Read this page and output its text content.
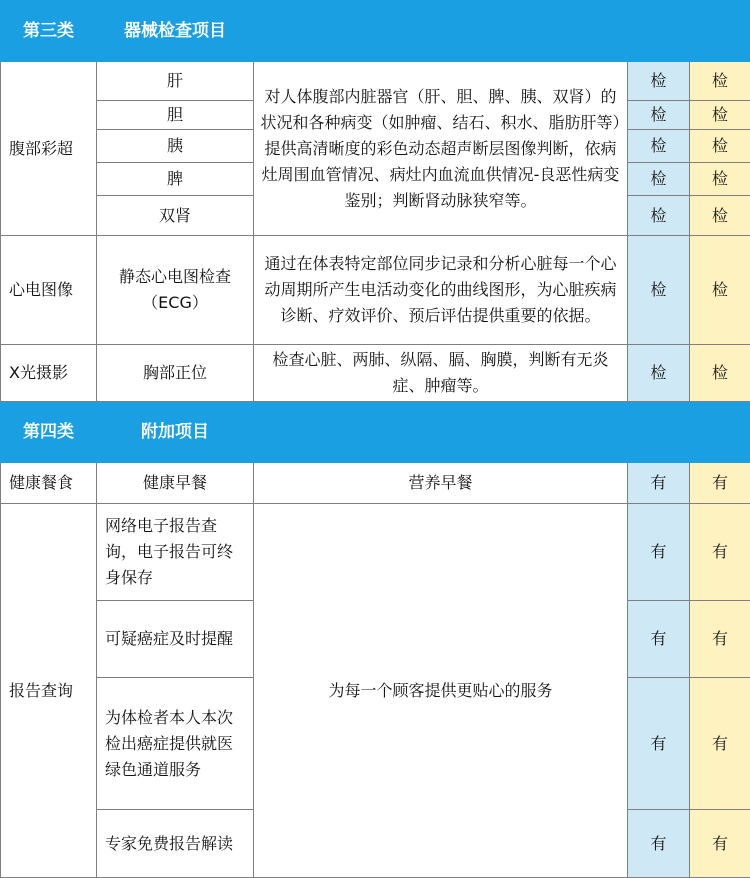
第三类	器械检查项目			
腹部彩超	肝	对人体腹部内脏器官（肝、胆、脾、胰、双肾）的状况和各种病变（如肿瘤、结石、积水、脂肪肝等）提供高清晰度的彩色动态超声断层图像判断，依病灶周围血管情况、病灶内血流血供情况-良恶性病变鉴别；判断肾动脉狭窄等。	检	检
	胆		检	检
	胰		检	检
	脾		检	检
	双肾		检	检
心电图像	静态心电图检查（ECG）	通过在体表特定部位同步记录和分析心脏每一个心动周期所产生电活动变化的曲线图形，为心脏疾病诊断、疗效评价、预后评估提供重要的依据。	检	检
X光摄影	胸部正位	检查心脏、两肺、纵隔、膈、胸膜，判断有无炎症、肿瘤等。	检	检
第四类	附加项目			
健康餐食	健康早餐	营养早餐	有	有
报告查询	网络电子报告查询，电子报告可终身保存	为每一个顾客提供更贴心的服务	有	有
	可疑癌症及时提醒		有	有
	为体检者本人本次检出癌症提供就医绿色通道服务		有	有
	专家免费报告解读		有	有
